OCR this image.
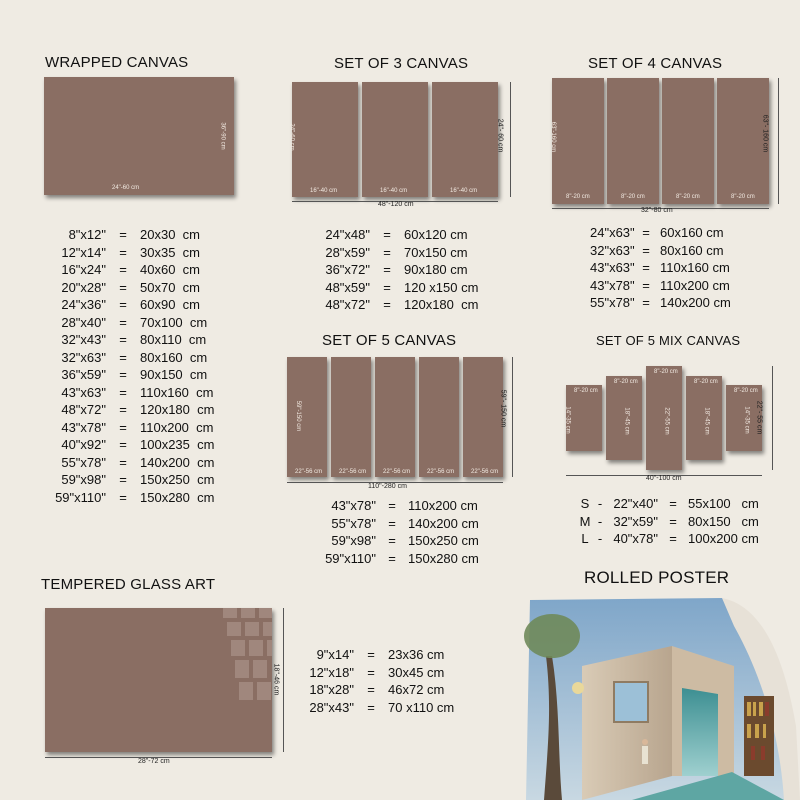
WRAPPED CANVAS
24"-60 cm
36"-90 cm
8"x12" = 20x30  cm
12"x14" = 30x35  cm
16"x24" = 40x60  cm
20"x28" = 50x70  cm
24"x36" = 60x90  cm
28"x40" = 70x100  cm
32"x43" = 80x110  cm
32"x63" = 80x160  cm
36"x59" = 90x150  cm
43"x63" = 110x160  cm
48"x72" = 120x180  cm
43"x78" = 110x200  cm
40"x92" = 100x235  cm
55"x78" = 140x200  cm
59"x98" = 150x250  cm
59"x110" = 150x280  cm
SET OF 3 CANVAS
24"-60 cm
16"-40 cm	16"-40 cm	16"-40 cm
48"-120 cm
24"- 60 cm
24"x48" = 60x120 cm
28"x59" = 70x150 cm
36"x72" = 90x180 cm
48"x59" = 120 x150 cm
48"x72" = 120x180  cm
SET OF 4 CANVAS
63"-160 cm
8"-20 cm	8"-20 cm	8"-20 cm	8"-20 cm
32"-80 cm
63"- 160 cm
24"x63" = 60x160 cm
32"x63" = 80x160 cm
43"x63" = 110x160 cm
43"x78" = 110x200 cm
55"x78" = 140x200 cm
SET OF 5 CANVAS
59"-150 cm
22"-56 cm	22"-56 cm	22"-56 cm	22"-56 cm	22"-56 cm
110"-280 cm
59"- 150 cm
43"x78" = 110x200 cm
55"x78" = 140x200 cm
59"x98" = 150x250 cm
59"x110" = 150x280 cm
SET OF 5 MIX CANVAS
8"-20 cm
14"-35 cm
8"-20 cm
18"-45 cm
8"-20 cm
22"-55 cm
8"-20 cm
18"-45 cm
8"-20 cm
14"-35 cm
40"-100 cm
22"- 55 cm
S - 22"x40" = 55x100   cm
M - 32"x59" = 80x150   cm
L - 40"x78" = 100x200 cm
TEMPERED GLASS ART
28"-72 cm
18"-46 cm
9"x14" = 23x36 cm
12"x18" = 30x45 cm
18"x28" = 46x72 cm
28"x43" = 70 x110 cm
ROLLED POSTER
